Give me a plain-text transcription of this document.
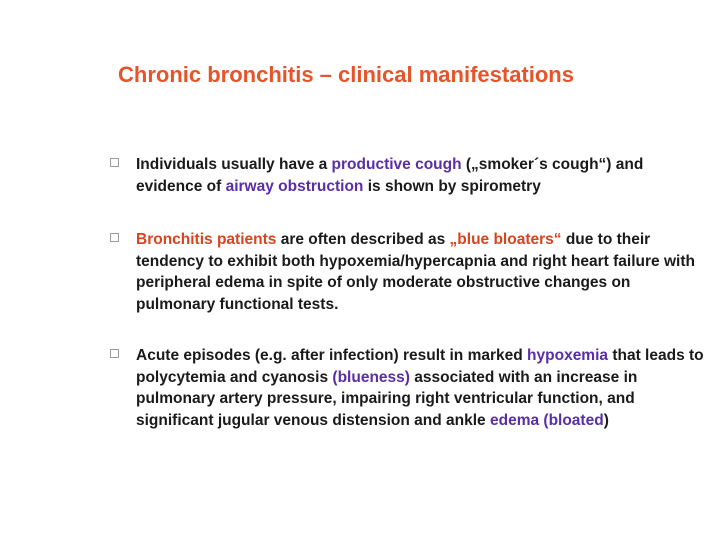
Chronic bronchitis – clinical manifestations
Individuals usually have a productive cough („smoker´s cough“) and evidence of airway obstruction is shown by spirometry
Bronchitis patients are often described as „blue bloaters“ due to their tendency to exhibit both hypoxemia/hypercapnia and right heart failure with peripheral edema in spite of only moderate obstructive changes on pulmonary functional tests.
Acute episodes (e.g. after infection) result in marked hypoxemia that leads to polycytemia and cyanosis (blueness) associated with an increase in pulmonary artery pressure, impairing right ventricular function, and significant jugular venous distension and ankle edema (bloated)
